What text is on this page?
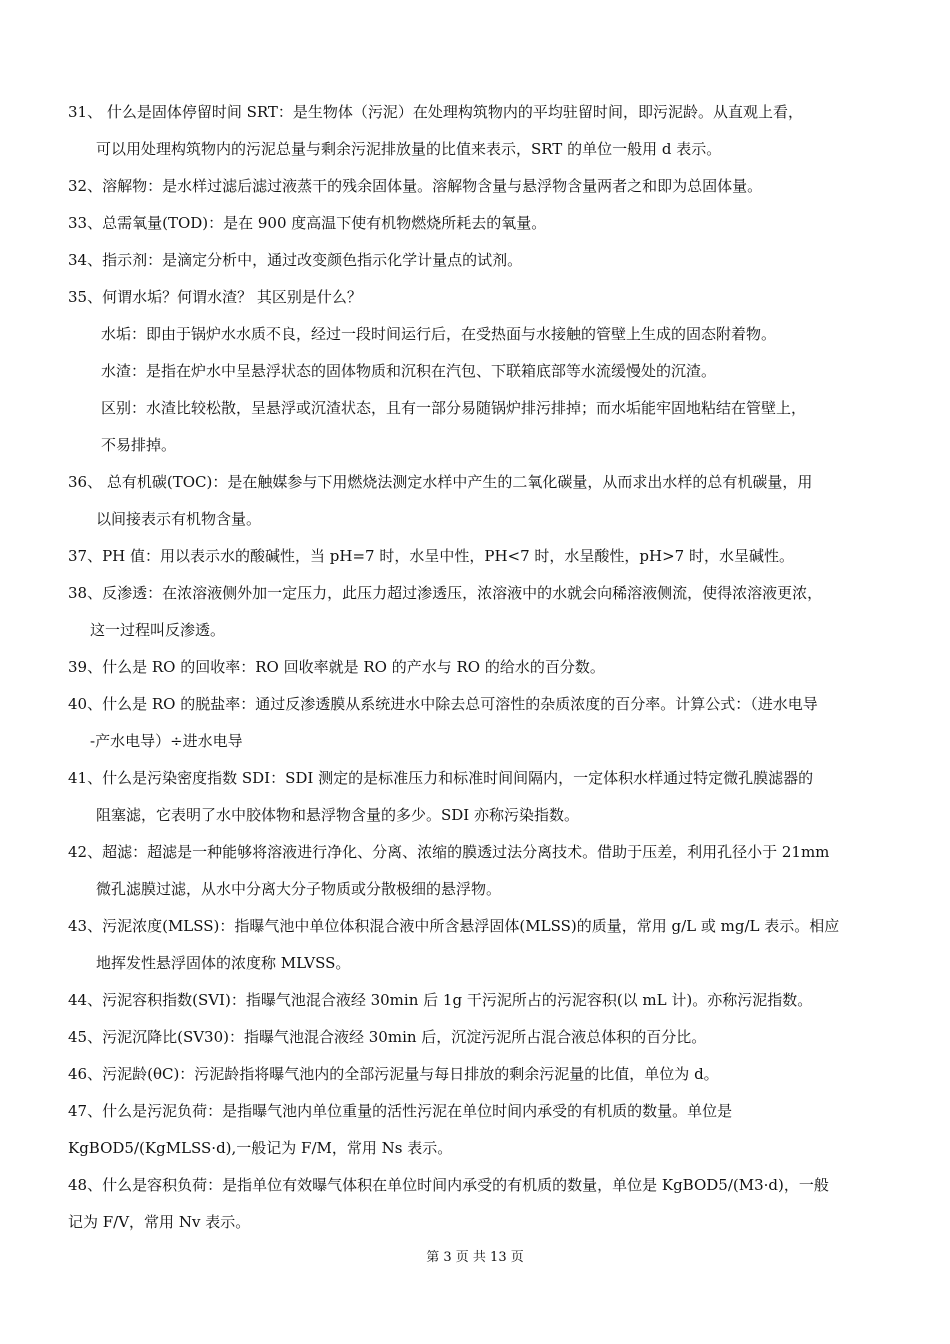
31、 什么是固体停留时间 SRT：是生物体（污泥）在处理构筑物内的平均驻留时间，即污泥龄。从直观上看，
可以用处理构筑物内的污泥总量与剩余污泥排放量的比值来表示，SRT 的单位一般用 d 表示。
32、溶解物：是水样过滤后滤过液蒸干的残余固体量。溶解物含量与悬浮物含量两者之和即为总固体量。
33、总需氧量(TOD)：是在 900 度高温下使有机物燃烧所耗去的氧量。
34、指示剂：是滴定分析中，通过改变颜色指示化学计量点的试剂。
35、何谓水垢？何谓水渣？ 其区别是什么？
水垢：即由于锅炉水水质不良，经过一段时间运行后，在受热面与水接触的管壁上生成的固态附着物。
水渣：是指在炉水中呈悬浮状态的固体物质和沉积在汽包、下联箱底部等水流缓慢处的沉渣。
区别：水渣比较松散，呈悬浮或沉渣状态，且有一部分易随锅炉排污排掉；而水垢能牢固地粘结在管壁上，
不易排掉。
36、 总有机碳(TOC)：是在触媒参与下用燃烧法测定水样中产生的二氧化碳量，从而求出水样的总有机碳量，用
以间接表示有机物含量。
37、PH 值：用以表示水的酸碱性，当 pH=7 时，水呈中性，PH<7 时，水呈酸性，pH>7 时，水呈碱性。
38、反渗透：在浓溶液侧外加一定压力，此压力超过渗透压，浓溶液中的水就会向稀溶液侧流，使得浓溶液更浓，
这一过程叫反渗透。
39、什么是 RO 的回收率：RO 回收率就是 RO 的产水与 RO 的给水的百分数。
40、什么是 RO 的脱盐率：通过反渗透膜从系统进水中除去总可溶性的杂质浓度的百分率。计算公式：（进水电导
-产水电导）÷进水电导
41、什么是污染密度指数 SDI：SDI 测定的是标准压力和标准时间间隔内，一定体积水样通过特定微孔膜滤器的
阻塞滤，它表明了水中胶体物和悬浮物含量的多少。SDI 亦称污染指数。
42、超滤：超滤是一种能够将溶液进行净化、分离、浓缩的膜透过法分离技术。借助于压差，利用孔径小于 21mm
微孔滤膜过滤，从水中分离大分子物质或分散极细的悬浮物。
43、污泥浓度(MLSS)：指曝气池中单位体积混合液中所含悬浮固体(MLSS)的质量，常用 g/L 或 mg/L 表示。相应
地挥发性悬浮固体的浓度称 MLVSS。
44、污泥容积指数(SVI)：指曝气池混合液经 30min 后 1g 干污泥所占的污泥容积(以 mL 计)。亦称污泥指数。
45、污泥沉降比(SV30)：指曝气池混合液经 30min 后，沉淀污泥所占混合液总体积的百分比。
46、污泥龄(θC)：污泥龄指将曝气池内的全部污泥量与每日排放的剩余污泥量的比值，单位为 d。
47、什么是污泥负荷：是指曝气池内单位重量的活性污泥在单位时间内承受的有机质的数量。单位是
KgBOD5/(KgMLSS·d),一般记为 F/M，常用 Ns 表示。
48、什么是容积负荷：是指单位有效曝气体积在单位时间内承受的有机质的数量，单位是 KgBOD5/(M3·d)，一般
记为 F/V，常用 Nv 表示。
第 3 页 共 13 页
